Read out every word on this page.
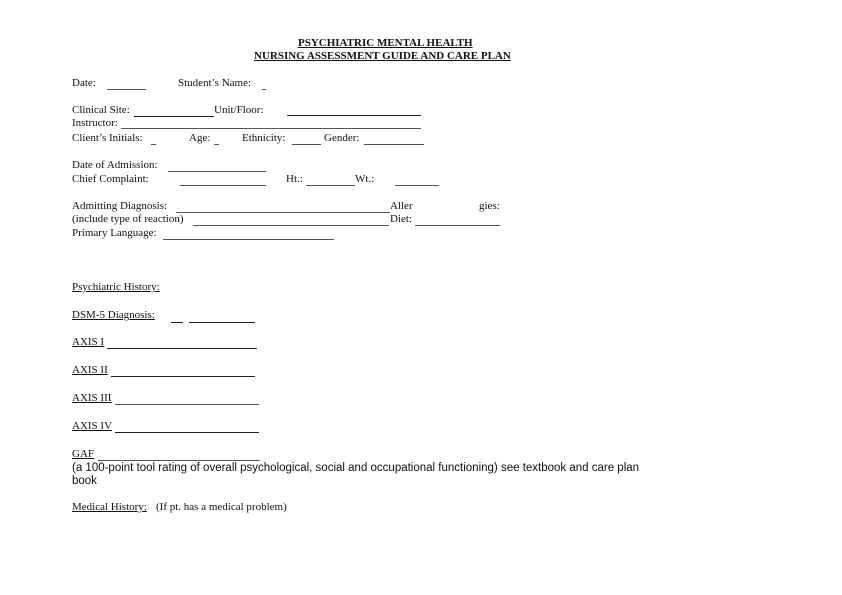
PSYCHIATRIC MENTAL HEALTH
NURSING ASSESSMENT GUIDE AND CARE PLAN
Date:	Student’s Name:
Clinical Site:	Unit/Floor:
Instructor:
Client’s Initials:	Age:	Ethnicity:	Gender:
Date of Admission:
Chief Complaint:	Ht.:	Wt.:
Admitting Diagnosis:	Aller	gies:
(include type of reaction)	Diet:
Primary Language:
Psychiatric History:
DSM-5 Diagnosis:
AXIS I
AXIS II
AXIS III
AXIS IV
GAF
(a 100-point tool rating of overall psychological, social and occupational functioning) see textbook and care plan
book
Medical History: (If pt. has a medical problem)
